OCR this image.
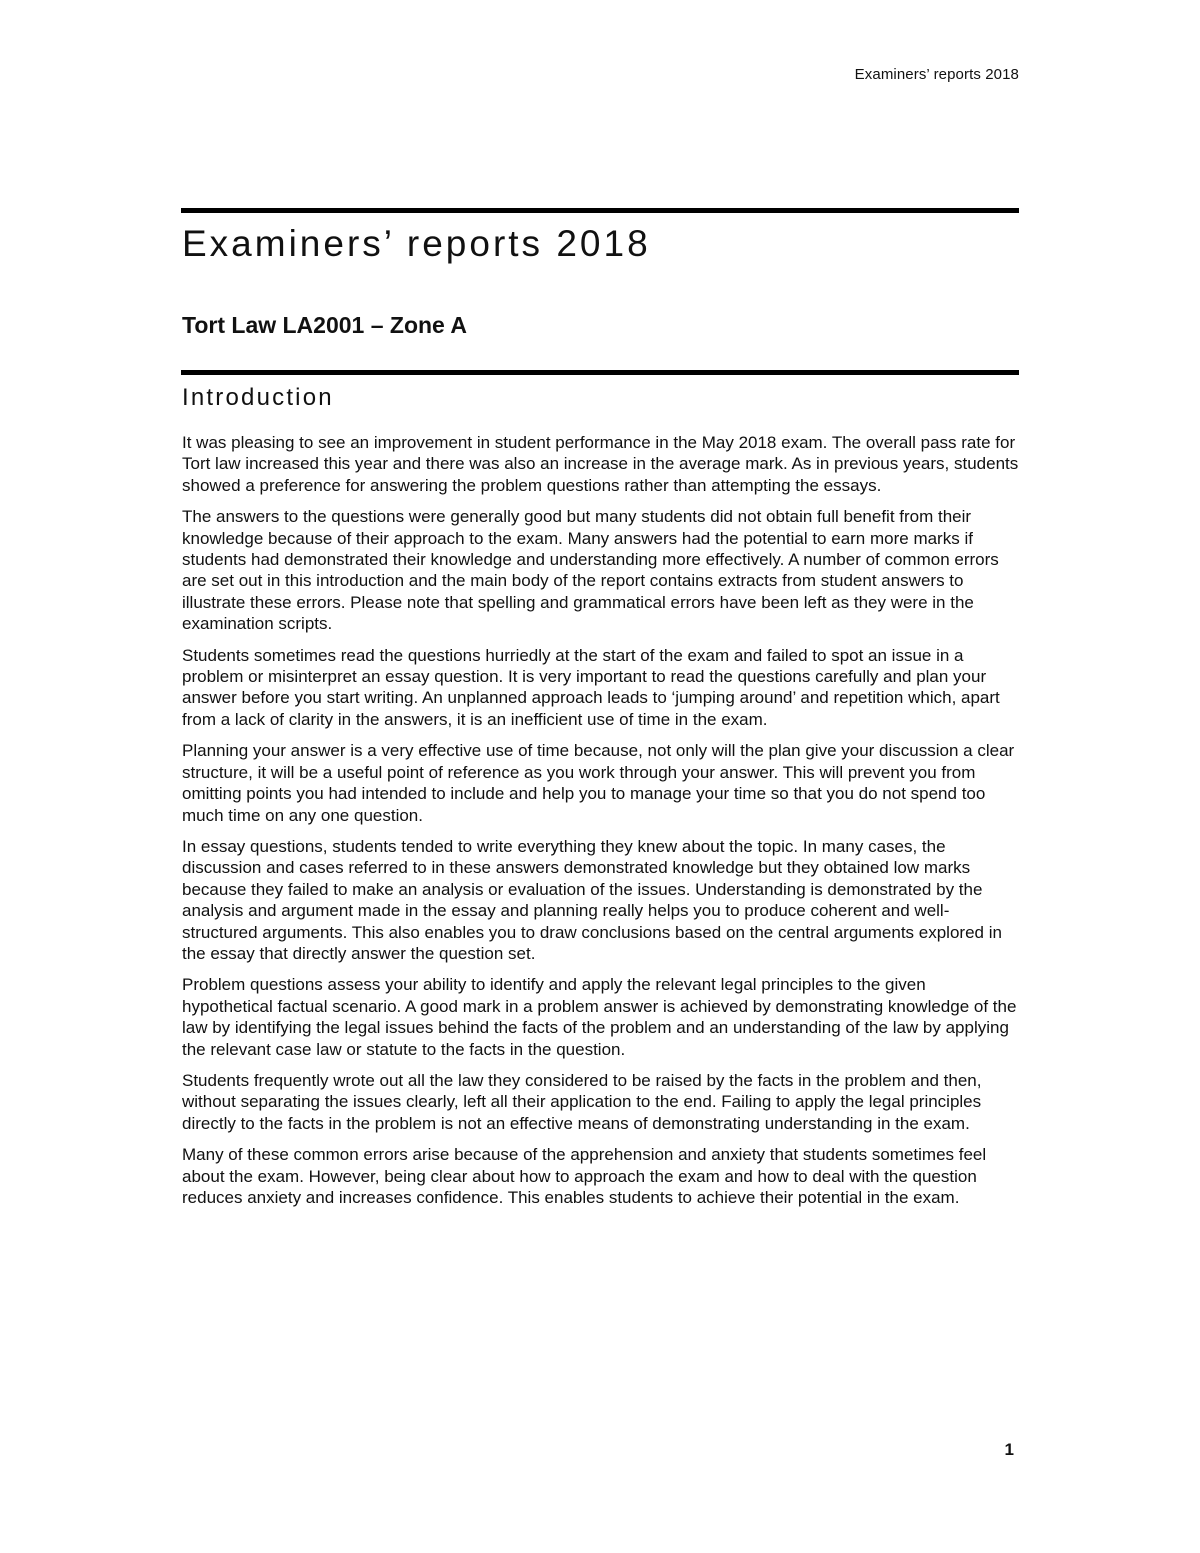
Examiners’ reports 2018
Examiners’ reports 2018
Tort Law LA2001 – Zone A
Introduction

It was pleasing to see an improvement in student performance in the May 2018 exam. The overall pass rate for Tort law increased this year and there was also an increase in the average mark. As in previous years, students showed a preference for answering the problem questions rather than attempting the essays.

The answers to the questions were generally good but many students did not obtain full benefit from their knowledge because of their approach to the exam. Many answers had the potential to earn more marks if students had demonstrated their knowledge and understanding more effectively. A number of common errors are set out in this introduction and the main body of the report contains extracts from student answers to illustrate these errors. Please note that spelling and grammatical errors have been left as they were in the examination scripts.

Students sometimes read the questions hurriedly at the start of the exam and failed to spot an issue in a problem or misinterpret an essay question. It is very important to read the questions carefully and plan your answer before you start writing. An unplanned approach leads to ‘jumping around’ and repetition which, apart from a lack of clarity in the answers, it is an inefficient use of time in the exam.

Planning your answer is a very effective use of time because, not only will the plan give your discussion a clear structure, it will be a useful point of reference as you work through your answer. This will prevent you from omitting points you had intended to include and help you to manage your time so that you do not spend too much time on any one question.

In essay questions, students tended to write everything they knew about the topic. In many cases, the discussion and cases referred to in these answers demonstrated knowledge but they obtained low marks because they failed to make an analysis or evaluation of the issues. Understanding is demonstrated by the analysis and argument made in the essay and planning really helps you to produce coherent and well-structured arguments. This also enables you to draw conclusions based on the central arguments explored in the essay that directly answer the question set.

Problem questions assess your ability to identify and apply the relevant legal principles to the given hypothetical factual scenario. A good mark in a problem answer is achieved by demonstrating knowledge of the law by identifying the legal issues behind the facts of the problem and an understanding of the law by applying the relevant case law or statute to the facts in the question.

Students frequently wrote out all the law they considered to be raised by the facts in the problem and then, without separating the issues clearly, left all their application to the end. Failing to apply the legal principles directly to the facts in the problem is not an effective means of demonstrating understanding in the exam.

Many of these common errors arise because of the apprehension and anxiety that students sometimes feel about the exam. However, being clear about how to approach the exam and how to deal with the question reduces anxiety and increases confidence. This enables students to achieve their potential in the exam.

1
